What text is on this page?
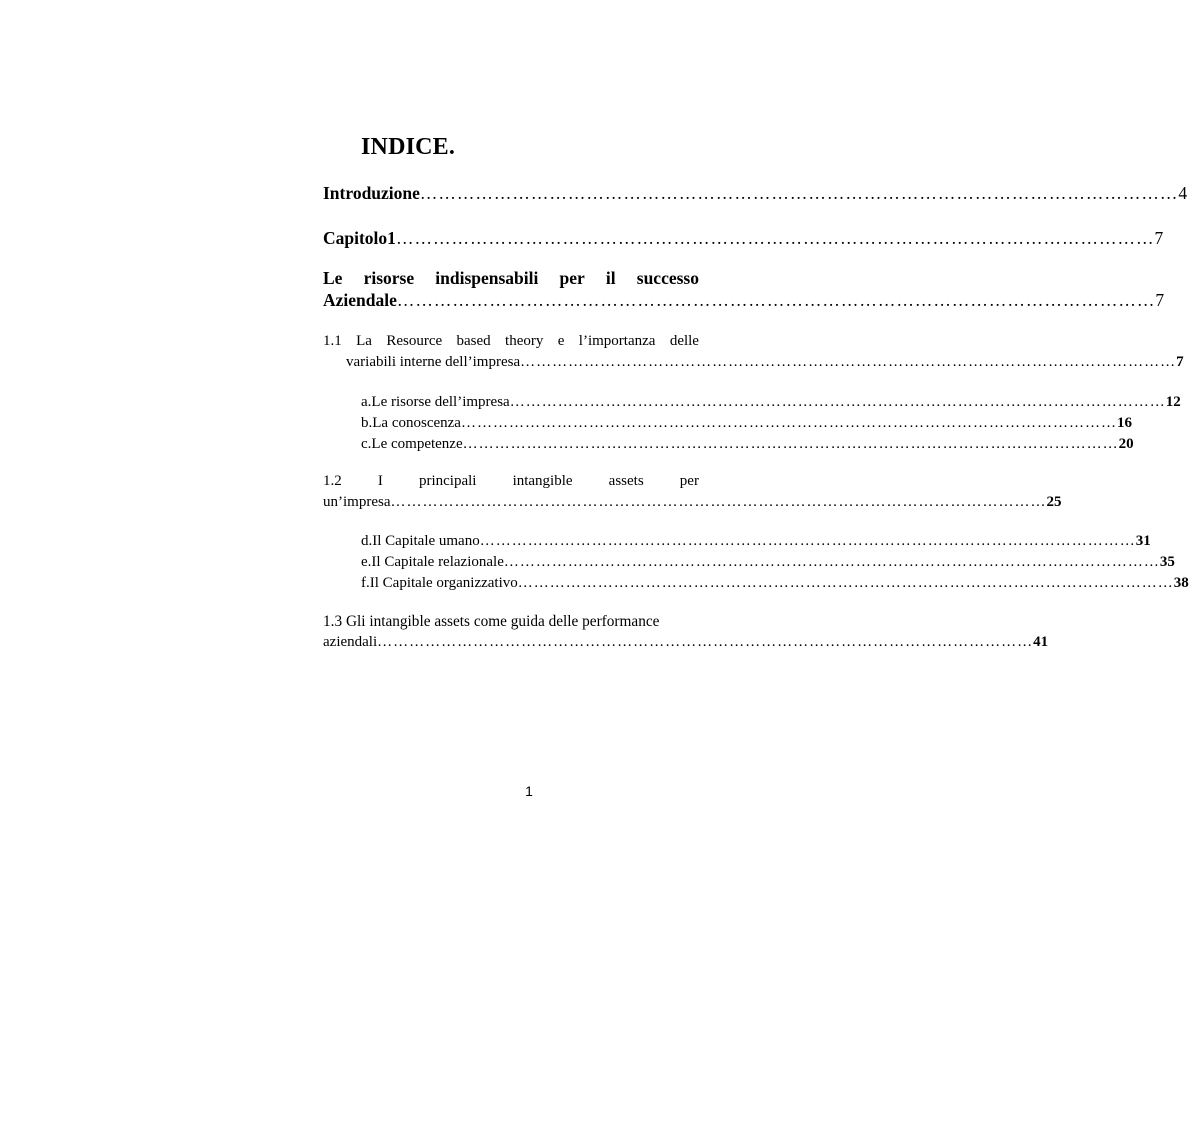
INDICE.
Introduzione …………………………………………………………………………………………………………… 4
Capitolo1 …………………………………………………………………………………………………………… 7
Le risorse indispensabili per il successo
Aziendale …………………………………………………………………………………………………………… 7
1.1 La Resource based theory e l’importanza delle
variabili interne dell’impresa …………………………………………………………………………………………………………… 7
a. Le risorse dell’impresa …………………………………………………………………………………………………………… 12
b. La conoscenza …………………………………………………………………………………………………………… 16
c. Le competenze …………………………………………………………………………………………………………… 20
1.2 I principali intangible assets per
un’impresa …………………………………………………………………………………………………………… 25
d. Il Capitale umano …………………………………………………………………………………………………………… 31
e. Il Capitale relazionale …………………………………………………………………………………………………………… 35
f. Il Capitale organizzativo …………………………………………………………………………………………………………… 38
1.3 Gli intangible assets come guida delle performance
aziendali …………………………………………………………………………………………………………… 41
1
